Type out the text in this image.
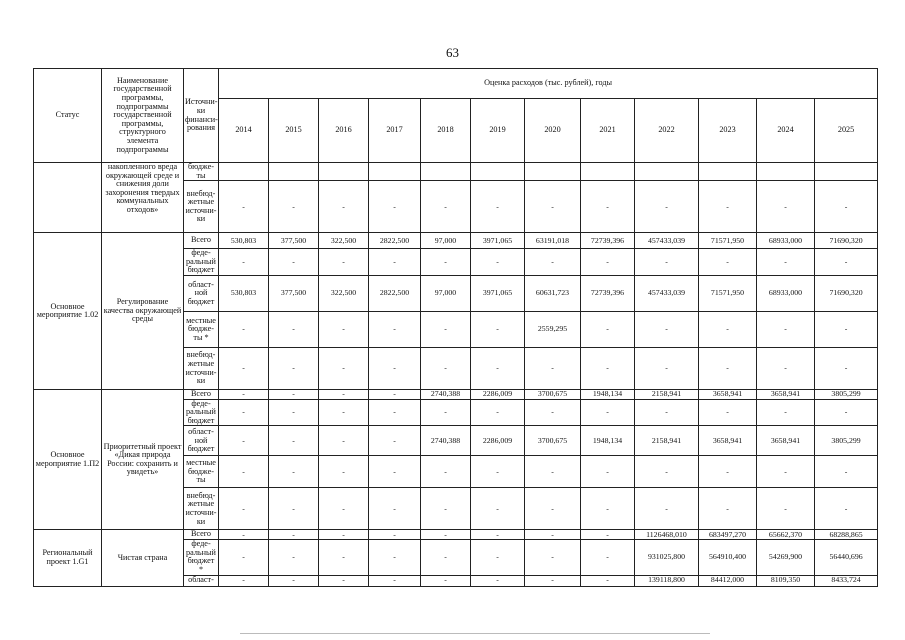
63
Статус	Наименование государственной программы, подпрограммы государственной программы, структурного элемента подпрограммы	Источни-ки финанси-рования	Оценка расходов (тыс. рублей), годы											
			2014	2015	2016	2017	2018	2019	2020	2021	2022	2023	2024	2025
	накопленного вреда окружающей среде и снижения доли захоронения твердых коммунальных отходов»	бюдже-ты												
		внебюд-жетные источни-ки	-	-	-	-	-	-	-	-	-	-	-	-
Основное мероприятие 1.02	Регулирование качества окружающей среды	Всего	530,803	377,500	322,500	2822,500	97,000	3971,065	63191,018	72739,396	457433,039	71571,950	68933,000	71690,320
		феде-ральный бюджет	-	-	-	-	-	-	-	-	-	-	-	-
		област-ной бюджет	530,803	377,500	322,500	2822,500	97,000	3971,065	60631,723	72739,396	457433,039	71571,950	68933,000	71690,320
		местные бюдже-ты *	-	-	-	-	-	-	2559,295	-	-	-	-	-
		внебюд-жетные источни-ки	-	-	-	-	-	-	-	-	-	-	-	-
Основное мероприятие 1.П2	Приоритетный проект «Дикая природа России: сохранить и увидеть»	Всего	-	-	-	-	2740,388	2286,009	3700,675	1948,134	2158,941	3658,941	3658,941	3805,299
		феде-ральный бюджет	-	-	-	-	-	-	-	-	-	-	-	-
		област-ной бюджет	-	-	-	-	2740,388	2286,009	3700,675	1948,134	2158,941	3658,941	3658,941	3805,299
		местные бюдже-ты	-	-	-	-	-	-	-	-	-	-	-	-
		внебюд-жетные источни-ки	-	-	-	-	-	-	-	-	-	-	-	-
Региональный проект 1.G1	Чистая страна	Всего	-	-	-	-	-	-	-	-	1126468,010	683497,270	65662,370	68288,865
		феде-ральный бюджет *	-	-	-	-	-	-	-	-	931025,800	564910,400	54269,900	56440,696
		област-	-	-	-	-	-	-	-	-	139118,800	84412,000	8109,350	8433,724
